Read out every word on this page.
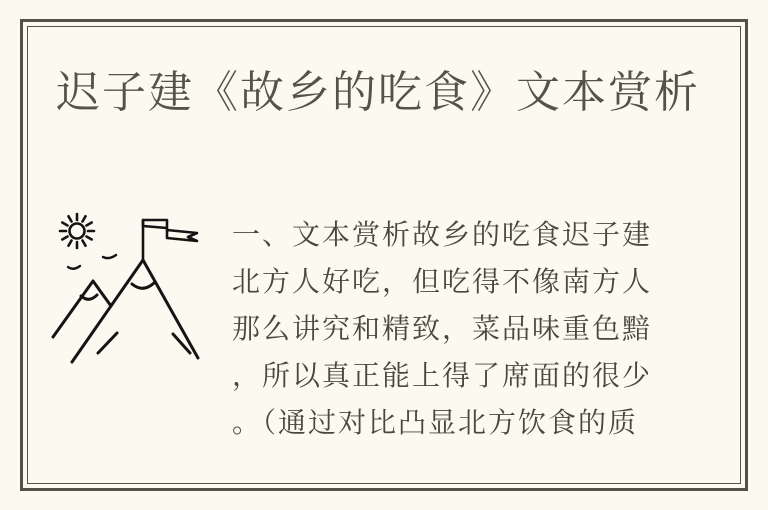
迟子建《故乡的吃食》文本赏析
一、文本赏析故乡的吃食迟子建
北方人好吃，但吃得不像南方人
那么讲究和精致，菜品味重色黯
，所以真正能上得了席面的很少
。（通过对比凸显北方饮食的质
